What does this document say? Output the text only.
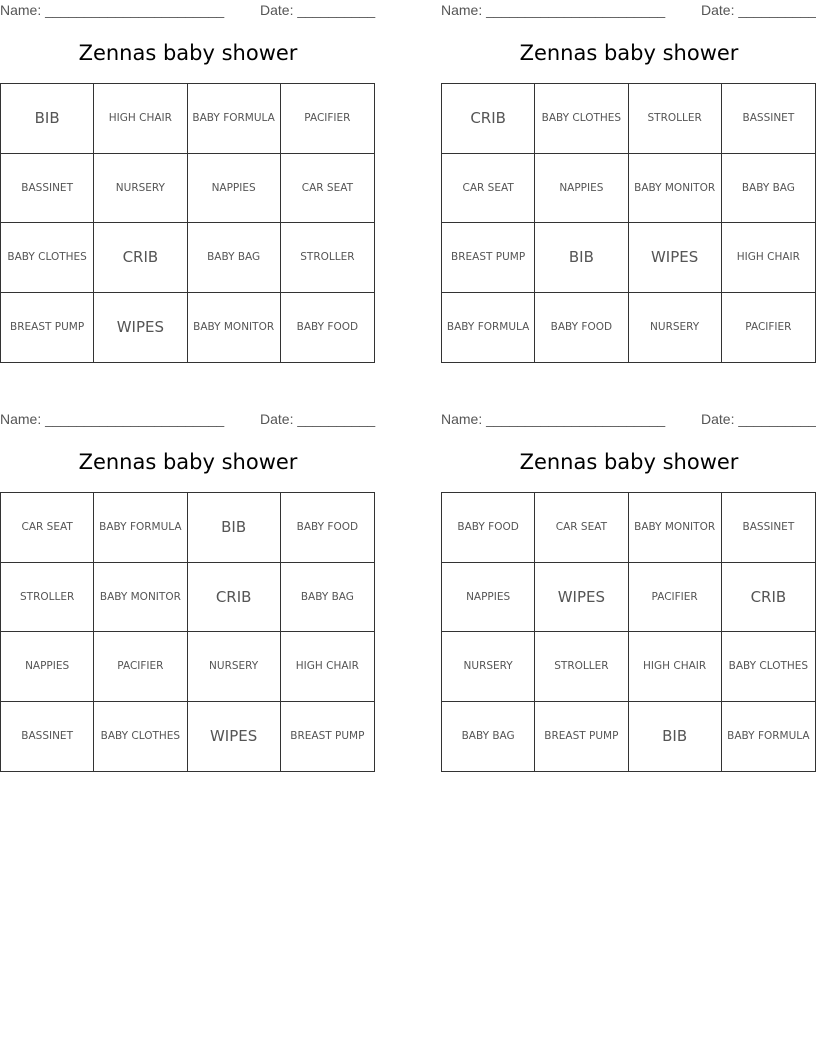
Name: _______________________	Date: __________
Zennas baby shower
BIB	HIGH CHAIR	BABY FORMULA	PACIFIER
BASSINET	NURSERY	NAPPIES	CAR SEAT
BABY CLOTHES	CRIB	BABY BAG	STROLLER
BREAST PUMP	WIPES	BABY MONITOR	BABY FOOD
Name: _______________________	Date: __________
Zennas baby shower
CRIB	BABY CLOTHES	STROLLER	BASSINET
CAR SEAT	NAPPIES	BABY MONITOR	BABY BAG
BREAST PUMP	BIB	WIPES	HIGH CHAIR
BABY FORMULA	BABY FOOD	NURSERY	PACIFIER
Name: _______________________	Date: __________
Zennas baby shower
CAR SEAT	BABY FORMULA	BIB	BABY FOOD
STROLLER	BABY MONITOR	CRIB	BABY BAG
NAPPIES	PACIFIER	NURSERY	HIGH CHAIR
BASSINET	BABY CLOTHES	WIPES	BREAST PUMP
Name: _______________________	Date: __________
Zennas baby shower
BABY FOOD	CAR SEAT	BABY MONITOR	BASSINET
NAPPIES	WIPES	PACIFIER	CRIB
NURSERY	STROLLER	HIGH CHAIR	BABY CLOTHES
BABY BAG	BREAST PUMP	BIB	BABY FORMULA
